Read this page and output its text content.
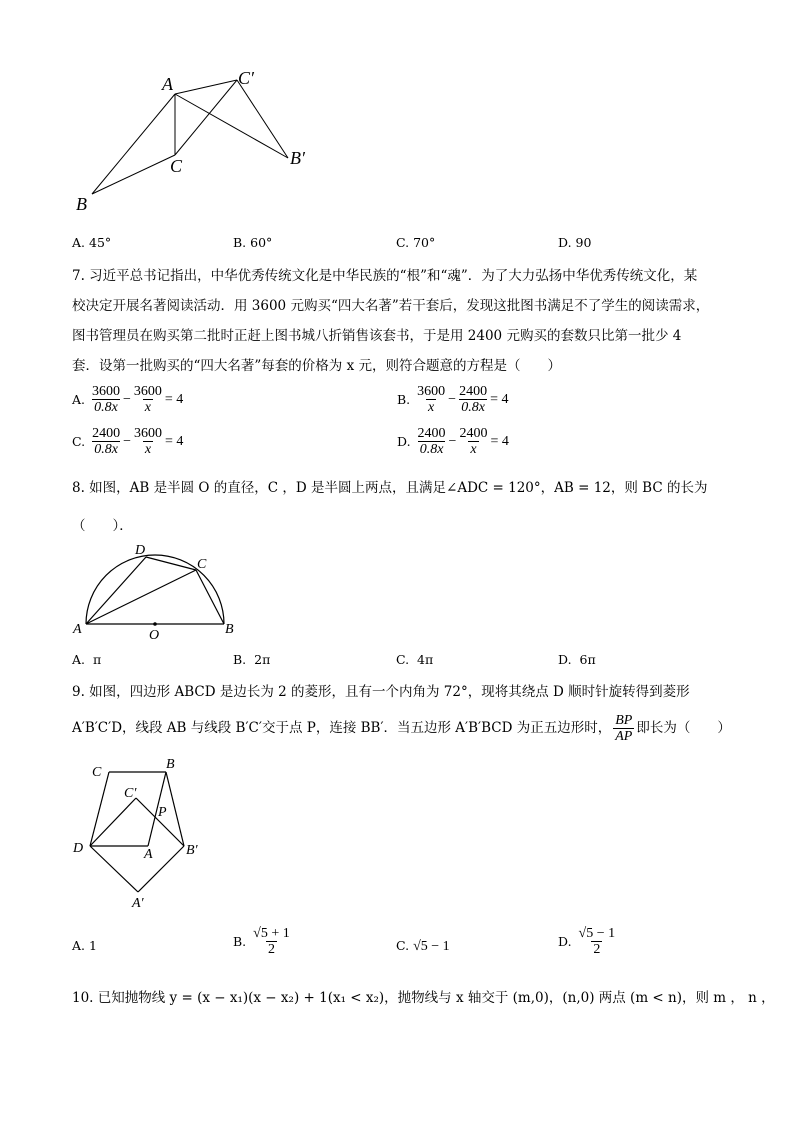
A	C′
C	B′
B
A. 45°	B. 60°	C. 70°	D. 90
7. 习近平总书记指出，中华优秀传统文化是中华民族的“根”和“魂”．为了大力弘扬中华优秀传统文化，某
校决定开展名著阅读活动．用 3600 元购买“四大名著”若干套后，发现这批图书满足不了学生的阅读需求，
图书管理员在购买第二批时正赶上图书城八折销售该套书，于是用 2400 元购买的套数只比第一批少 4
套．设第一批购买的“四大名著”每套的价格为 x 元，则符合题意的方程是（　　）
A. $\frac{3600}{0.8x} - \frac{3600}{x} = 4$	B. $\frac{3600}{x} - \frac{2400}{0.8x} = 4$
C. $\frac{2400}{0.8x} - \frac{3600}{x} = 4$	D. $\frac{2400}{0.8x} - \frac{2400}{x} = 4$
8. 如图，AB 是半圆 O 的直径，C ，D 是半圆上两点，且满足∠ADC = 120°，AB = 12，则 BC 的长为
（　　）．
D
C
A	O	B
A. π	B. 2π	C. 4π	D. 6π
9. 如图，四边形 ABCD 是边长为 2 的菱形，且有一个内角为 72°，现将其绕点 D 顺时针旋转得到菱形
A′B′C′D，线段 AB 与线段 B′C′交于点 P，连接 BB′．当五边形 A′B′BCD 为正五边形时， $\frac{BP}{AP}$ 即长为（　　）
C
B
C′
P
D	A B′
A′
A. 1	B. $\frac{√5 + 1}{2}$	C. √5 − 1	D. $\frac{√5 - 1}{2}$
10. 已知抛物线 y = (x − x₁)(x − x₂) + 1(x₁ < x₂)，抛物线与 x 轴交于 (m,0)，(n,0) 两点 (m < n)，则 m ， n ，
